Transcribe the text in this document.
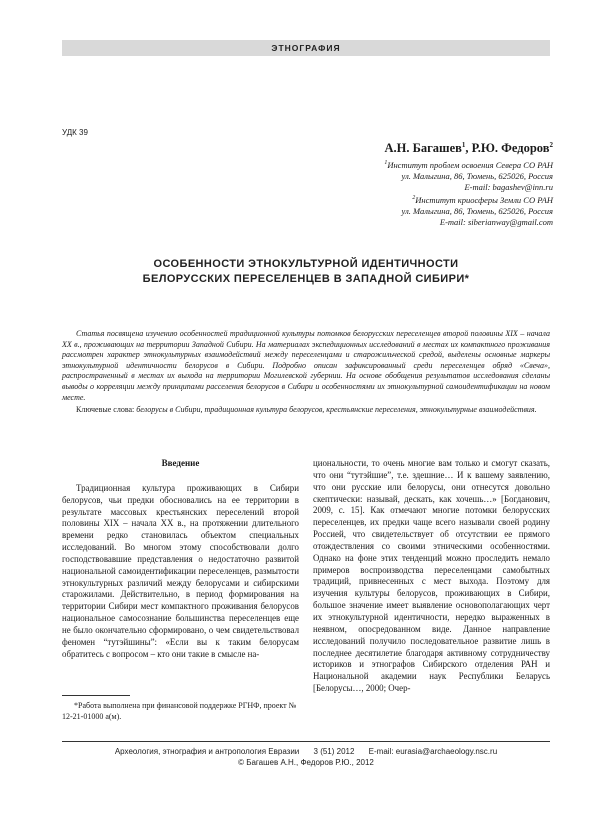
ЭТНОГРАФИЯ
УДК 39
А.Н. Багашев$^1$, Р.Ю. Федоров$^2$
$^1$Институт проблем освоения Севера СО РАН
ул. Малыгина, 86, Тюмень, 625026, Россия
E-mail: bagashev@inn.ru
$^2$Институт криосферы Земли СО РАН
ул. Малыгина, 86, Тюмень, 625026, Россия
E-mail: siberianway@gmail.com
ОСОБЕННОСТИ ЭТНОКУЛЬТУРНОЙ ИДЕНТИЧНОСТИ
БЕЛОРУССКИХ ПЕРЕСЕЛЕНЦЕВ В ЗАПАДНОЙ СИБИРИ*
Статья посвящена изучению особенностей традиционной культуры потомков белорусских переселенцев второй половины XIX – начала XX в., проживающих на территории Западной Сибири. На материалах экспедиционных исследований в местах их компактного проживания рассмотрен характер этнокультурных взаимодействий между переселенцами и старожильческой средой, выделены основные маркеры этнокультурной идентичности белорусов в Сибири. Подробно описан зафиксированный среди переселенцев обряд «Свеча», распространенный в местах их выхода на территории Могилевской губернии. На основе обобщения результатов исследования сделаны выводы о корреляции между принципами расселения белорусов в Сибири и особенностями их этнокультурной самоидентификации на новом месте.
Ключевые слова: белорусы в Сибири, традиционная культура белорусов, крестьянские переселения, этнокультурные взаимодействия.
Введение

Традиционная культура проживающих в Сибири белорусов, чьи предки обосновались на ее территории в результате массовых крестьянских переселений второй половины XIX – начала XX в., на протяжении длительного времени редко становилась объектом специальных исследований. Во многом этому способствовали долго господствовавшие представления о недостаточно развитой национальной самоидентификации переселенцев, размытости этнокультурных различий между белорусами и сибирскими старожилами. Действительно, в период формирования на территории Сибири мест компактного проживания белорусов национальное самосознание большинства переселенцев еще не было окончательно сформировано, о чем свидетельствовал феномен “тутэйшины”: «Если вы к таким белорусам обратитесь с вопросом – кто они такие в смысле на-

циональности, то очень многие вам только и смогут сказать, что они “тутэйшие”, т.е. здешние… И к вашему заявлению, что они русские или белорусы, они отнесутся довольно скептически: называй, дескать, как хочешь…» [Богданович, 2009, с. 15]. Как отмечают многие потомки белорусских переселенцев, их предки чаще всего называли своей родину Россией, что свидетельствует об отсутствии ее прямого отождествления со своими этническими особенностями. Однако на фоне этих тенденций можно проследить немало примеров воспроизводства переселенцами самобытных традиций, привнесенных с мест выхода. Поэтому для изучения культуры белорусов, проживающих в Сибири, большое значение имеет выявление основополагающих черт их этнокультурной идентичности, нередко выраженных в неявном, опосредованном виде. Данное направление исследований получило последовательное развитие лишь в последнее десятилетие благодаря активному сотрудничеству историков и этнографов Сибирского отделения РАН и Национальной академии наук Республики Беларусь [Белорусы…, 2000; Очер-

*Работа выполнена при финансовой поддержке РГНФ, проект № 12-21-01000 а(м).
Археология, этнография и антропология Евразии 3 (51) 2012 E-mail: eurasia@archaeology.nsc.ru
© Багашев А.Н., Федоров Р.Ю., 2012
